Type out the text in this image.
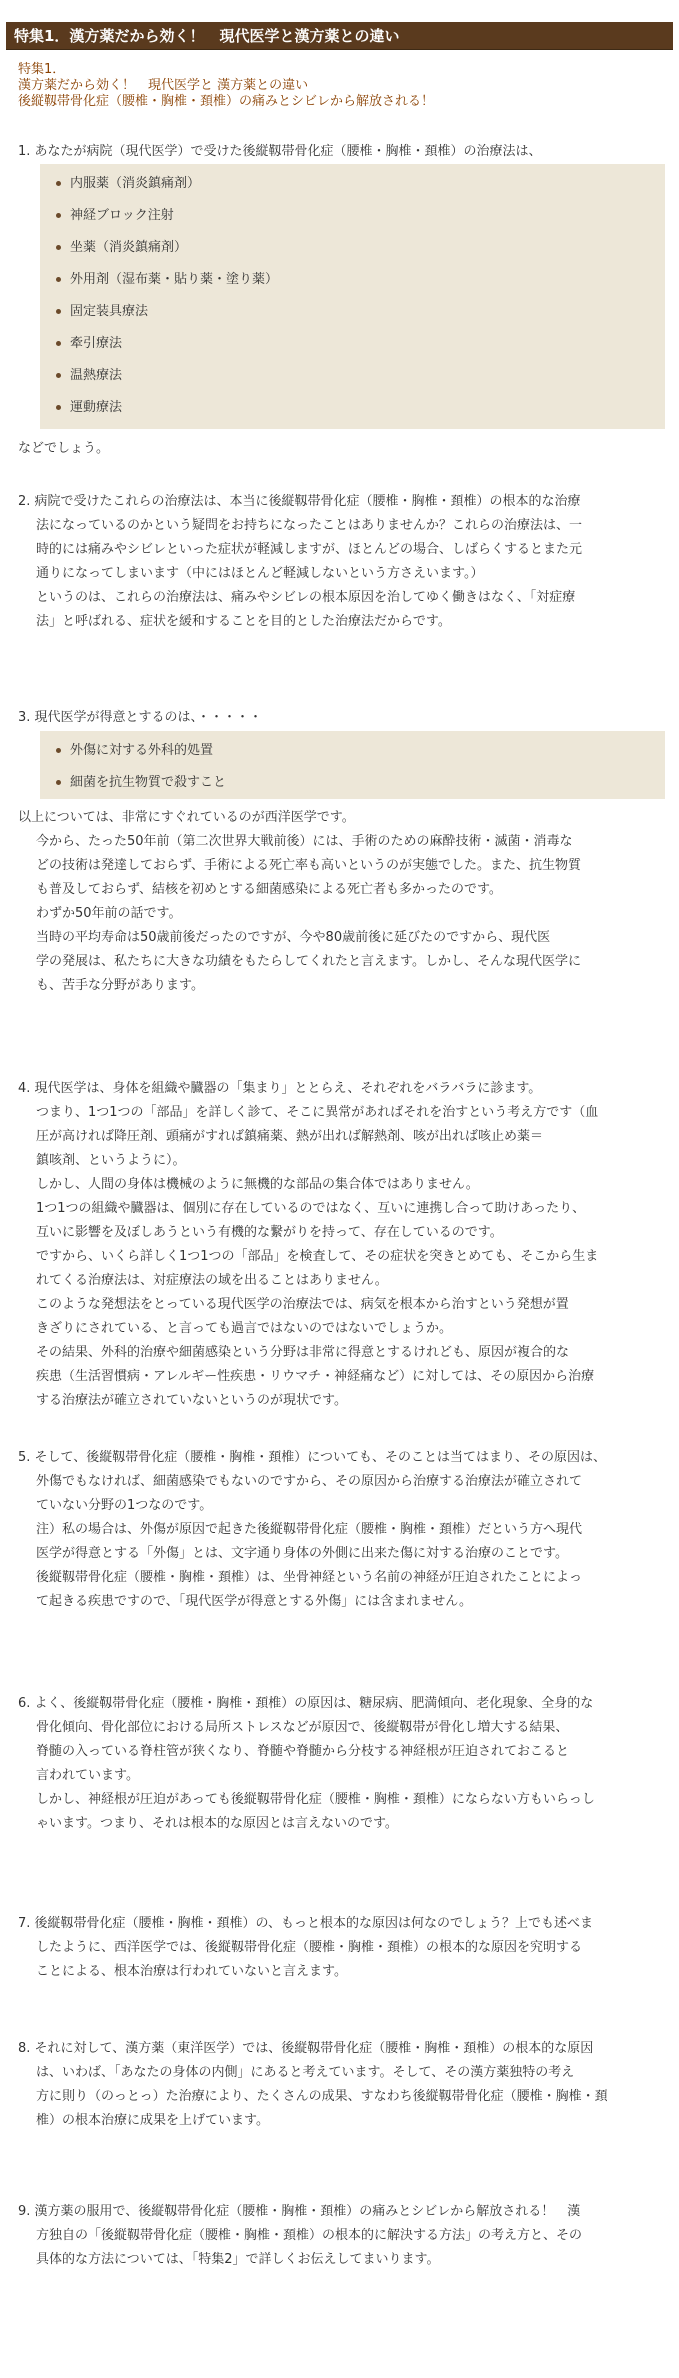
特集1．漢方薬だから効く！　現代医学と漢方薬との違い
特集1．
漢方薬だから効く！　現代医学と 漢方薬との違い
後縦靱帯骨化症（腰椎・胸椎・頚椎）の痛みとシビレから解放される！

1. あなたが病院（現代医学）で受けた後縦靱帯骨化症（腰椎・胸椎・頚椎）の治療法は、

内服薬（消炎鎮痛剤）
神経ブロック注射
坐薬（消炎鎮痛剤）
外用剤（湿布薬・貼り薬・塗り薬）
固定装具療法
牽引療法
温熱療法
運動療法

などでしょう。

2. 病院で受けたこれらの治療法は、本当に後縦靱帯骨化症（腰椎・胸椎・頚椎）の根本的な治療

法になっているのかという疑問をお持ちになったことはありませんか？これらの治療法は、一

時的には痛みやシビレといった症状が軽減しますが、ほとんどの場合、しばらくするとまた元

通りになってしまいます（中にはほとんど軽減しないという方さえいます。）

というのは、これらの治療法は、痛みやシビレの根本原因を治してゆく働きはなく、「対症療

法」と呼ばれる、症状を緩和することを目的とした治療法だからです。

3. 現代医学が得意とするのは、・・・・・

外傷に対する外科的処置
細菌を抗生物質で殺すこと

以上については、非常にすぐれているのが西洋医学です。

今から、たった50年前（第二次世界大戦前後）には、手術のための麻酔技術・滅菌・消毒な

どの技術は発達しておらず、手術による死亡率も高いというのが実態でした。また、抗生物質

も普及しておらず、結核を初めとする細菌感染による死亡者も多かったのです。

わずか50年前の話です。

当時の平均寿命は50歳前後だったのですが、今や80歳前後に延びたのですから、現代医

学の発展は、私たちに大きな功績をもたらしてくれたと言えます。しかし、そんな現代医学に

も、苦手な分野があります。

4. 現代医学は、身体を組織や臓器の「集まり」ととらえ、それぞれをバラバラに診ます。

つまり、1つ1つの「部品」を詳しく診て、そこに異常があればそれを治すという考え方です（血

圧が高ければ降圧剤、頭痛がすれば鎮痛薬、熱が出れば解熱剤、咳が出れば咳止め薬＝

鎮咳剤、というように）。

しかし、人間の身体は機械のように無機的な部品の集合体ではありません。

1つ1つの組織や臓器は、個別に存在しているのではなく、互いに連携し合って助けあったり、

互いに影響を及ぼしあうという有機的な繋がりを持って、存在しているのです。

ですから、いくら詳しく1つ1つの「部品」を検査して、その症状を突きとめても、そこから生ま

れてくる治療法は、対症療法の域を出ることはありません。

このような発想法をとっている現代医学の治療法では、病気を根本から治すという発想が置

きざりにされている、と言っても過言ではないのではないでしょうか。

その結果、外科的治療や細菌感染という分野は非常に得意とするけれども、原因が複合的な

疾患（生活習慣病・アレルギー性疾患・リウマチ・神経痛など）に対しては、その原因から治療

する治療法が確立されていないというのが現状です。

5. そして、後縦靱帯骨化症（腰椎・胸椎・頚椎）についても、そのことは当てはまり、その原因は、

外傷でもなければ、細菌感染でもないのですから、その原因から治療する治療法が確立されて

ていない分野の1つなのです。

注）私の場合は、外傷が原因で起きた後縦靱帯骨化症（腰椎・胸椎・頚椎）だという方へ現代

医学が得意とする「外傷」とは、文字通り身体の外側に出来た傷に対する治療のことです。

後縦靱帯骨化症（腰椎・胸椎・頚椎）は、坐骨神経という名前の神経が圧迫されたことによっ

て起きる疾患ですので、「現代医学が得意とする外傷」には含まれません。

6. よく、後縦靱帯骨化症（腰椎・胸椎・頚椎）の原因は、糖尿病、肥満傾向、老化現象、全身的な

骨化傾向、骨化部位における局所ストレスなどが原因で、後縦靱帯が骨化し増大する結果、

脊髄の入っている脊柱管が狭くなり、脊髄や脊髄から分枝する神経根が圧迫されておこると

言われています。

しかし、神経根が圧迫があっても後縦靱帯骨化症（腰椎・胸椎・頚椎）にならない方もいらっし

ゃいます。つまり、それは根本的な原因とは言えないのです。

7. 後縦靱帯骨化症（腰椎・胸椎・頚椎）の、もっと根本的な原因は何なのでしょう？上でも述べま

したように、西洋医学では、後縦靱帯骨化症（腰椎・胸椎・頚椎）の根本的な原因を究明する

ことによる、根本治療は行われていないと言えます。

8. それに対して、漢方薬（東洋医学）では、後縦靱帯骨化症（腰椎・胸椎・頚椎）の根本的な原因

は、いわば、「あなたの身体の内側」にあると考えています。そして、その漢方薬独特の考え

方に則り（のっとっ）た治療により、たくさんの成果、すなわち後縦靱帯骨化症（腰椎・胸椎・頚

椎）の根本治療に成果を上げています。

9. 漢方薬の服用で、後縦靱帯骨化症（腰椎・胸椎・頚椎）の痛みとシビレから解放される！　漢

方独自の「後縦靱帯骨化症（腰椎・胸椎・頚椎）の根本的に解決する方法」の考え方と、その

具体的な方法については、「特集2」で詳しくお伝えしてまいります。
